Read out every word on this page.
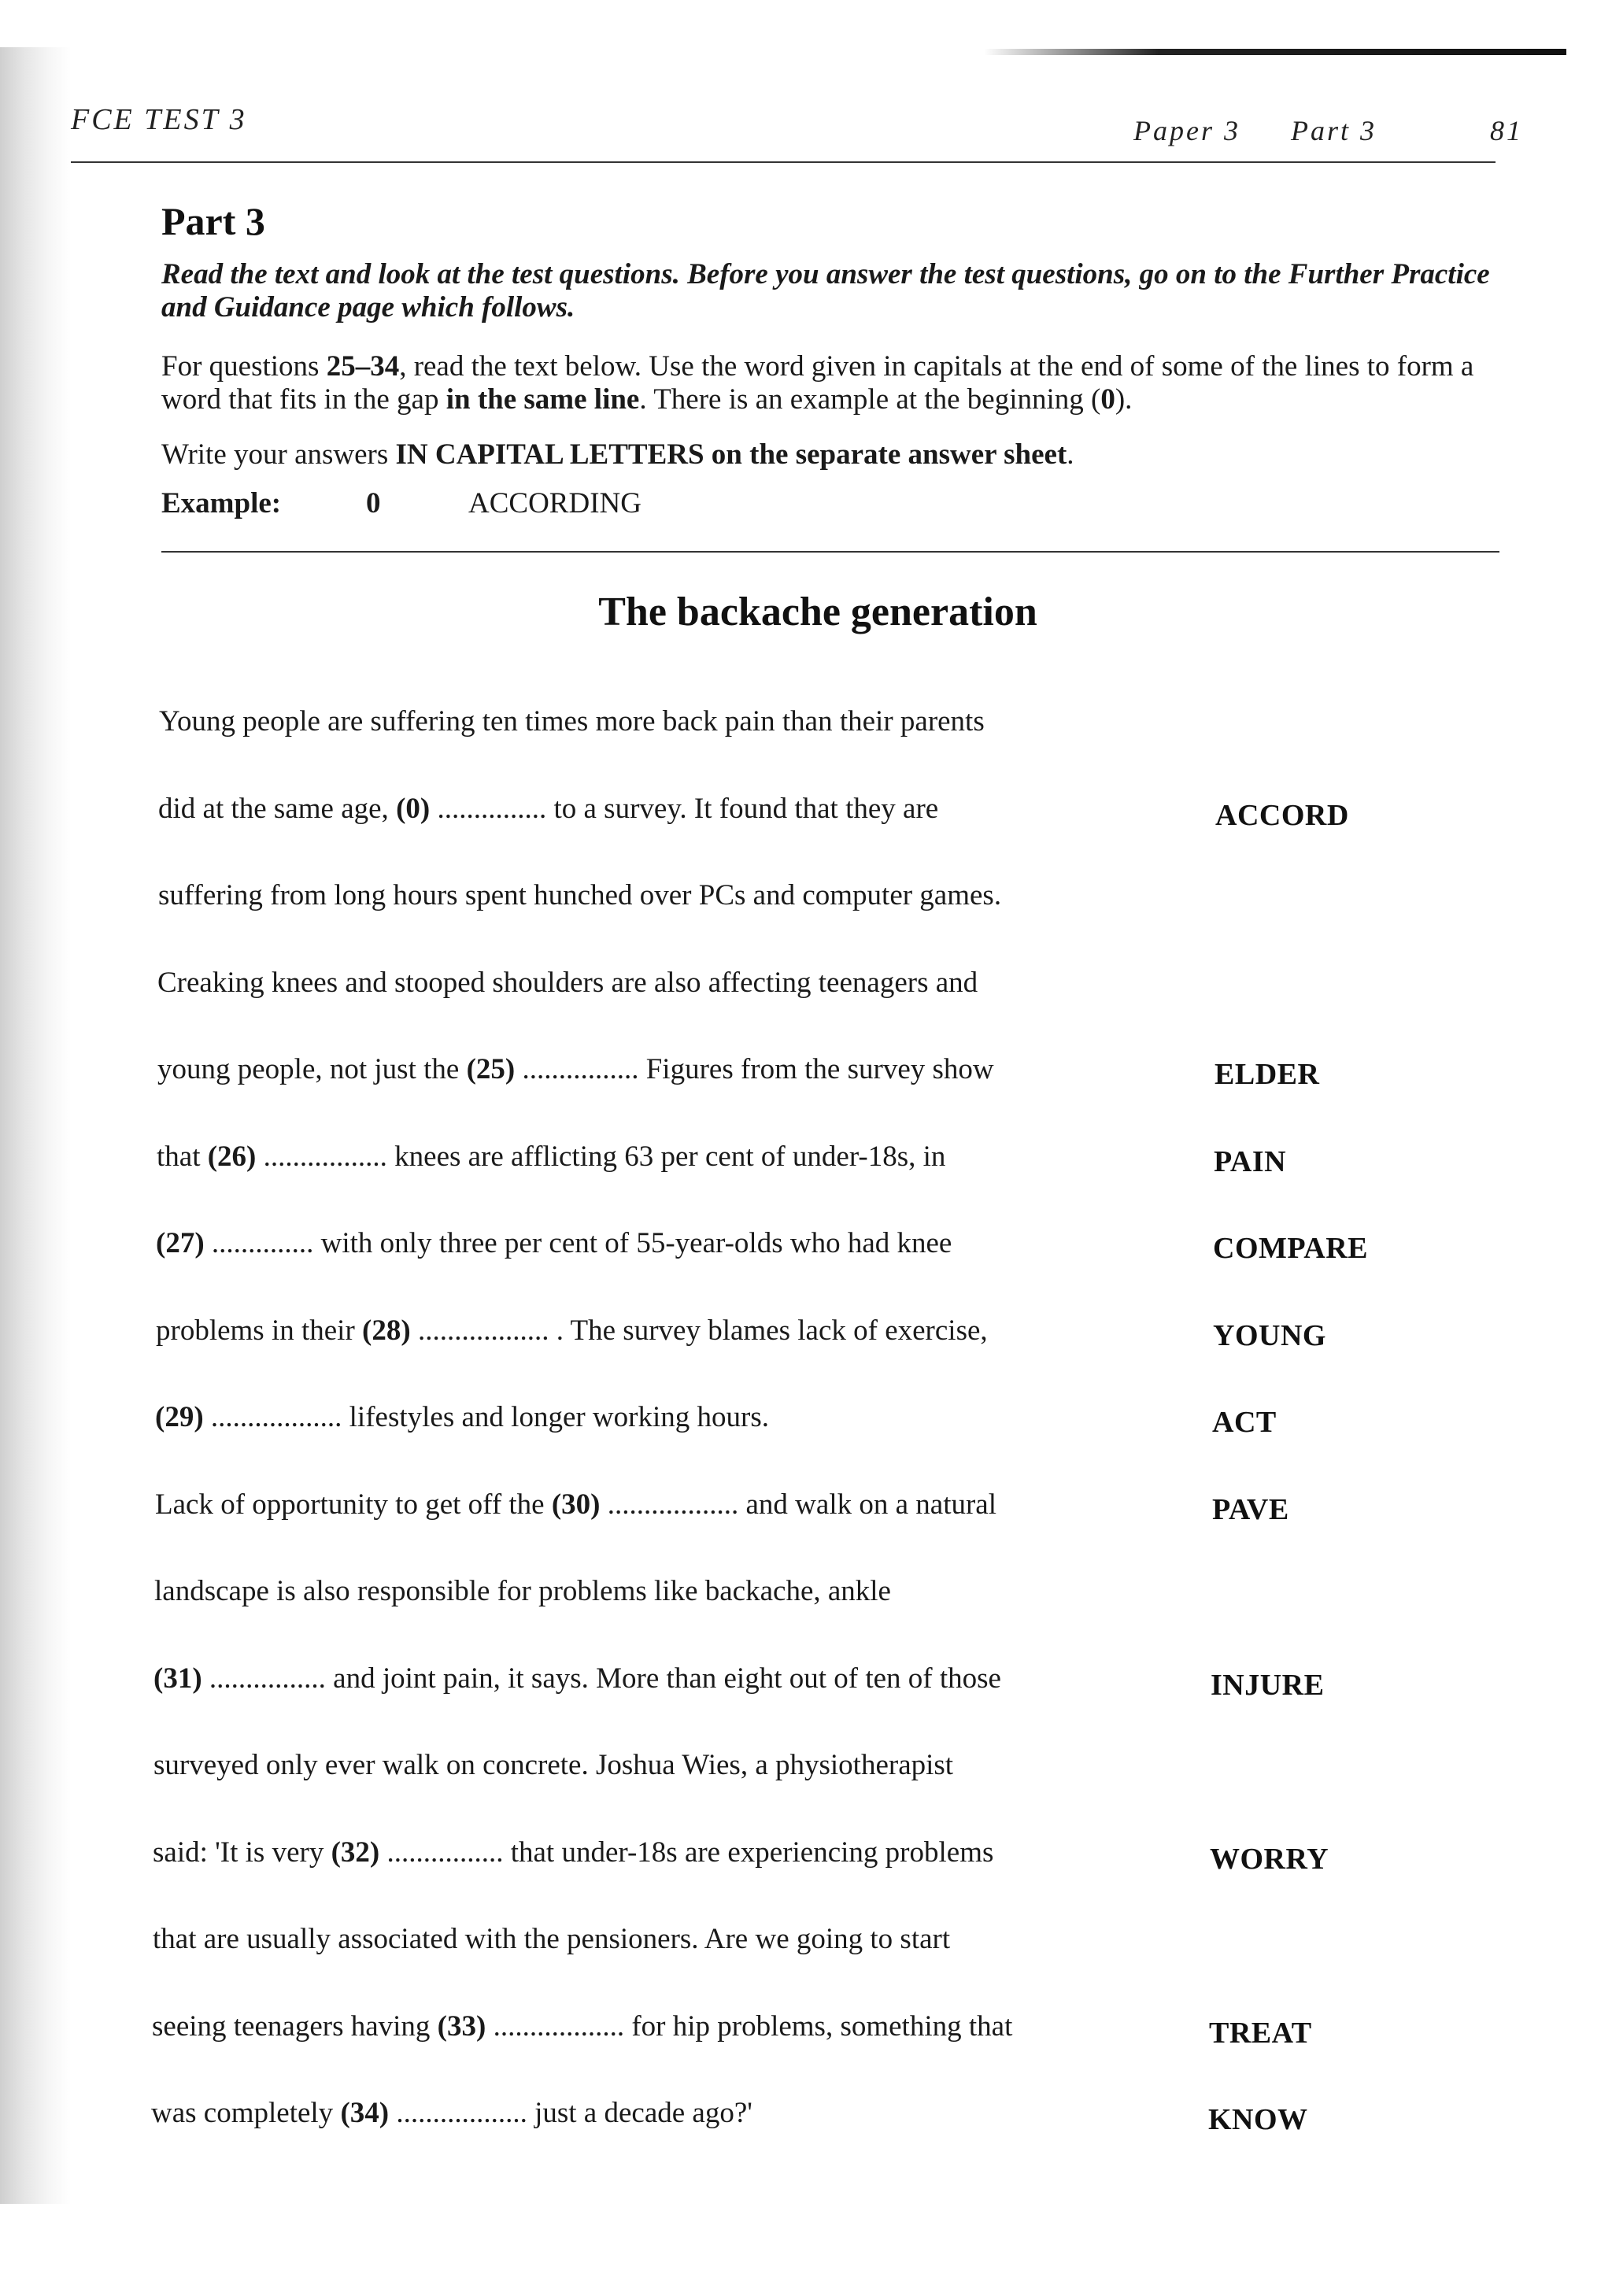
FCE TEST 3	Paper 3 Part 3	81
Part 3
Read the text and look at the test questions. Before you answer the test questions, go on to the Further Practice and Guidance page which follows.
For questions 25–34, read the text below. Use the word given in capitals at the end of some of the lines to form a word that fits in the gap in the same line. There is an example at the beginning (0).
Write your answers IN CAPITAL LETTERS on the separate answer sheet.
Example:	0	ACCORDING
The backache generation
Young people are suffering ten times more back pain than their parents
did at the same age, (0) ............... to a survey. It found that they are	ACCORD
suffering from long hours spent hunched over PCs and computer games.
Creaking knees and stooped shoulders are also affecting teenagers and
young people, not just the (25) ................ Figures from the survey show	ELDER
that (26) ................. knees are afflicting 63 per cent of under-18s, in	PAIN
(27) .............. with only three per cent of 55-year-olds who had knee	COMPARE
problems in their (28) .................. . The survey blames lack of exercise,	YOUNG
(29) .................. lifestyles and longer working hours.	ACT
Lack of opportunity to get off the (30) .................. and walk on a natural	PAVE
landscape is also responsible for problems like backache, ankle
(31) ................ and joint pain, it says. More than eight out of ten of those	INJURE
surveyed only ever walk on concrete. Joshua Wies, a physiotherapist
said: 'It is very (32) ................ that under-18s are experiencing problems	WORRY
that are usually associated with the pensioners. Are we going to start
seeing teenagers having (33) .................. for hip problems, something that	TREAT
was completely (34) .................. just a decade ago?'	KNOW
